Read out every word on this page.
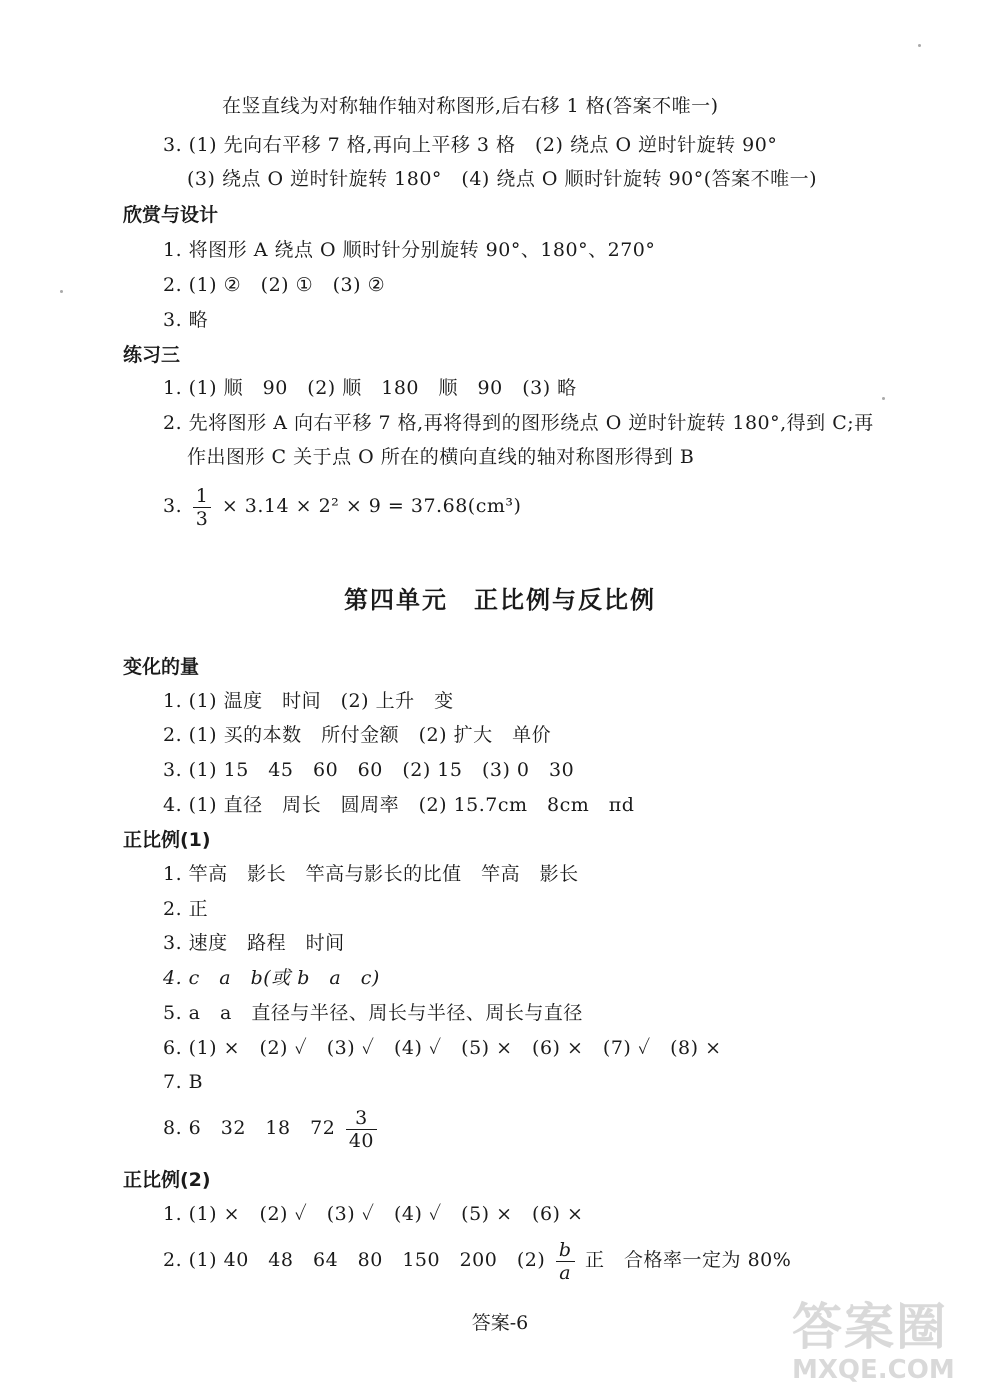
在竖直线为对称轴作轴对称图形,后右移 1 格(答案不唯一)
3. (1) 先向右平移 7 格,再向上平移 3 格　(2) 绕点 O 逆时针旋转 90°
(3) 绕点 O 逆时针旋转 180°　(4) 绕点 O 顺时针旋转 90°(答案不唯一)
欣赏与设计
1. 将图形 A 绕点 O 顺时针分别旋转 90°、180°、270°
2. (1) ②　(2) ①　(3) ②
3. 略
练习三
1. (1) 顺　90　(2) 顺　180　顺　90　(3) 略
2. 先将图形 A 向右平移 7 格,再将得到的图形绕点 O 逆时针旋转 180°,得到 C;再
作出图形 C 关于点 O 所在的横向直线的轴对称图形得到 B
3. $\frac{1}{3} \times 3.14 \times 2^2 \times 9 = 37.68(cm^3)$
第四单元　正比例与反比例
变化的量
1. (1) 温度　时间　(2) 上升　变
2. (1) 买的本数　所付金额　(2) 扩大　单价
3. (1) 15　45　60　60　(2) 15　(3) 0　30
4. (1) 直径　周长　圆周率　(2) 15.7cm　8cm　πd
正比例(1)
1. 竿高　影长　竿高与影长的比值　竿高　影长
2. 正
3. 速度　路程　时间
4. c　a　b(或 b　a　c)
5. a　a　直径与半径、周长与半径、周长与直径
6. (1) ×　(2) ✓　(3) ✓　(4) ✓　(5) ×　(6) ×　(7) ✓　(8) ×
7. B
8. 6　32　18　$72 \frac{3}{40}$
正比例(2)
1. (1) ×　(2) ✓　(3) ✓　(4) ✓　(5) ×　(6) ×
2. (1) 40　48　64　80　150　200　$(2) \frac{b}{a}$ 正　合格率一定为 80%
答案-6	答案圈
MXQE.COM
